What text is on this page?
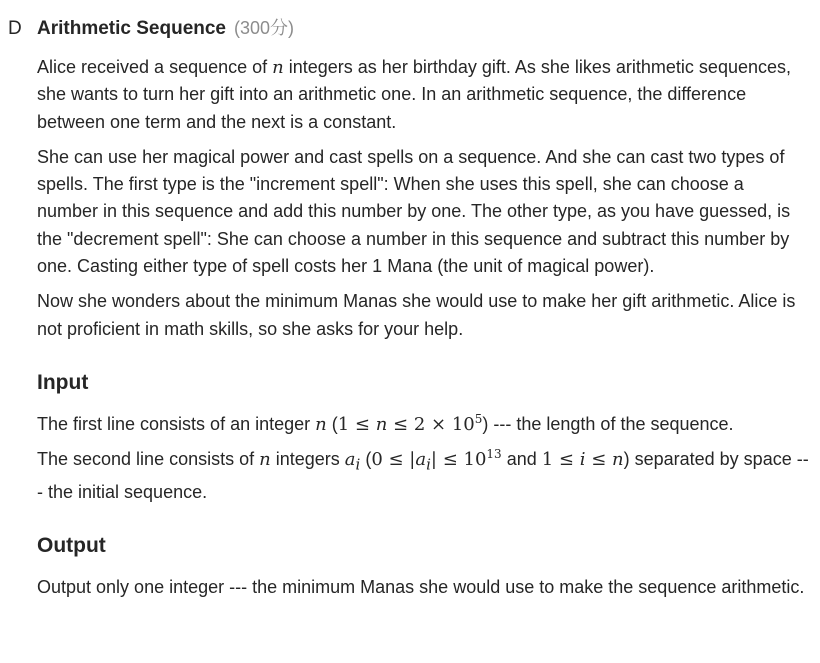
D Arithmetic Sequence (300分)

Alice received a sequence of n integers as her birthday gift. As she likes arithmetic sequences, she wants to turn her gift into an arithmetic one. In an arithmetic sequence, the difference between one term and the next is a constant.

She can use her magical power and cast spells on a sequence. And she can cast two types of spells. The first type is the "increment spell": When she uses this spell, she can choose a number in this sequence and add this number by one. The other type, as you have guessed, is the "decrement spell": She can choose a number in this sequence and subtract this number by one. Casting either type of spell costs her 1 Mana (the unit of magical power).

Now she wonders about the minimum Manas she would use to make her gift arithmetic. Alice is not proficient in math skills, so she asks for your help.

Input

The first line consists of an integer n $(1 \le n \le 2 \times 10^5)$ --- the length of the sequence.

The second line consists of n integers $a_i$ ($0 \le |a_i| \le 10^{13}$ and 1 ≤ i ≤ n) separated by space --- the initial sequence.

Output

Output only one integer --- the minimum Manas she would use to make the sequence arithmetic.
